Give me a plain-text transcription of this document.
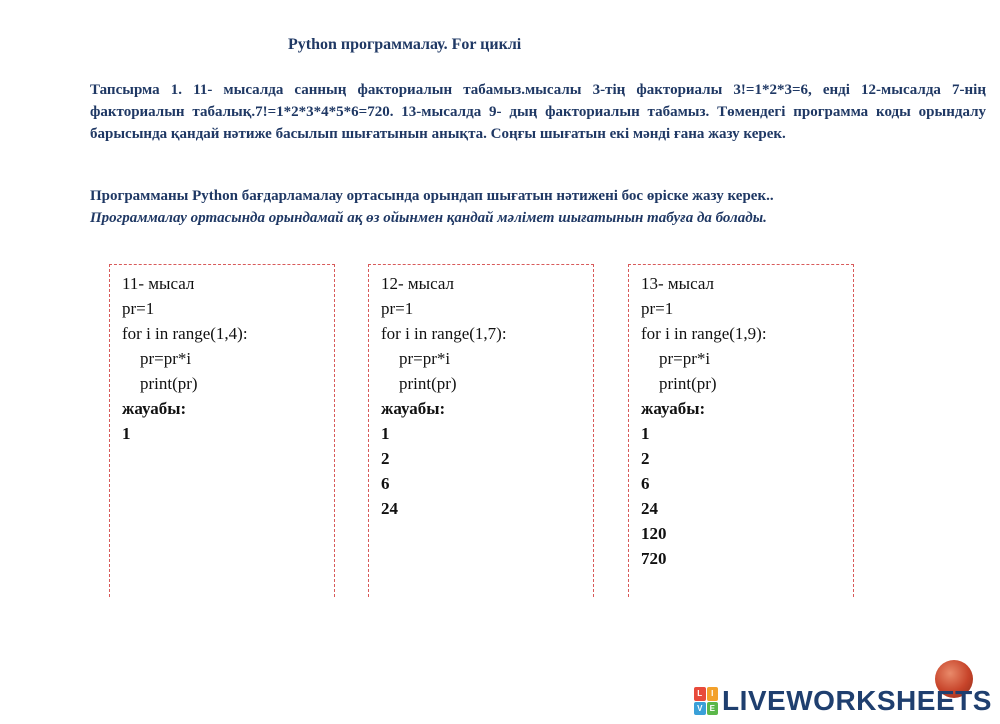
Python программалау. For циклі

Тапсырма 1. 11- мысалда санның факториалын табамыз.мысалы 3-тің факториалы 3!=1*2*3=6, енді 12-мысалда 7-нің факториалын табалық.7!=1*2*3*4*5*6=720. 13-мысалда 9- дың факториалын табамыз. Төмендегі программа коды орындалу барысында қандай нәтиже басылып шығатынын анықта. Соңғы шығатын екі мәнді ғана жазу керек.

Программаны Python бағдарламалау ортасында орындап шығатын нәтижені бос өріске жазу керек..

Программалау ортасында орындамай ақ өз ойынмен қандай мәлімет шығатынын табуға да болады.

11- мысал
pr=1
for i in range(1,4):
pr=pr*i
print(pr)
жауабы:
1
12- мысал
pr=1
for i in range(1,7):
pr=pr*i
print(pr)
жауабы:
1
2
6
24
13- мысал
pr=1
for i in range(1,9):
pr=pr*i
print(pr)
жауабы:
1
2
6
24
120
720
L	I
V E LIVEWORKSHEETS
